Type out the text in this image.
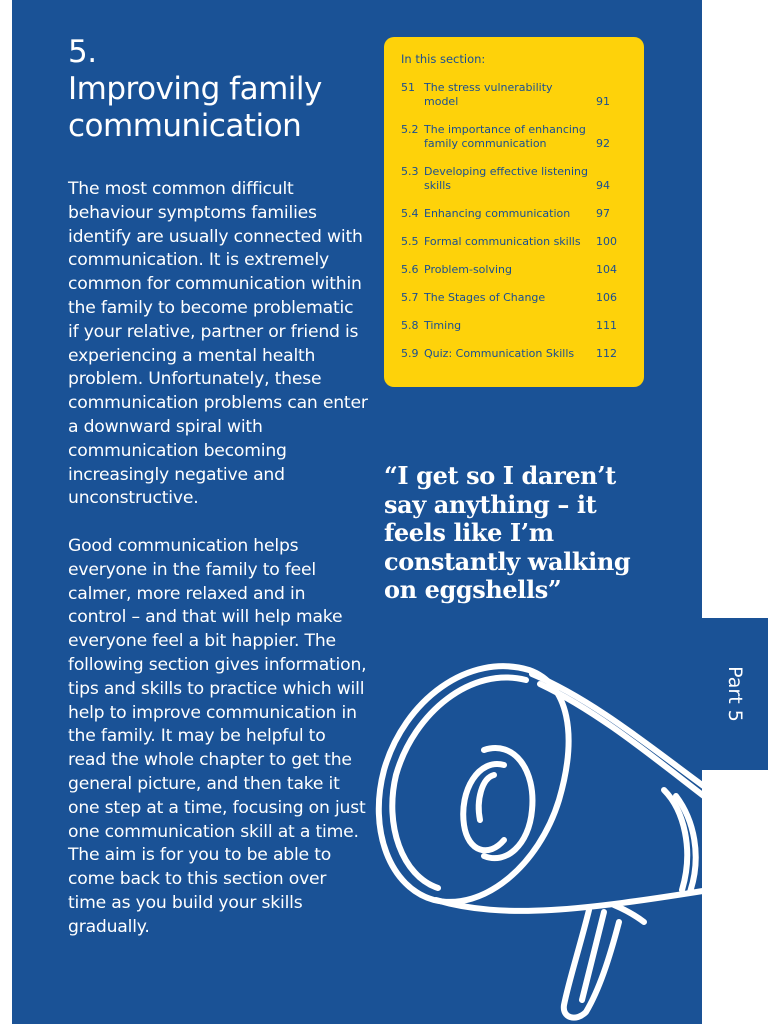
5.
Improving family
communication

The most common difficult behaviour symptoms families identify are usually connected with communication. It is extremely common for communication within the family to become problematic if your relative, partner or friend is experiencing a mental health problem. Unfortunately, these communication problems can enter a downward spiral with communication becoming increasingly negative and unconstructive.

Good communication helps everyone in the family to feel calmer, more relaxed and in control – and that will help make everyone feel a bit happier. The following section gives information, tips and skills to practice which will help to improve communication in the family. It may be helpful to read the whole chapter to get the general picture, and then take it one step at a time, focusing on just one communication skill at a time. The aim is for you to be able to come back to this section over time as you build your skills gradually.

In this section:
51 The stress vulnerability model	91
5.2 The importance of enhancing family communication	92
5.3 Developing effective listening skills	94
5.4 Enhancing communication	97
5.5 Formal communication skills	100
5.6 Problem-solving	104
5.7 The Stages of Change	106
5.8 Timing	111
5.9 Quiz: Communication Skills	112
“I get so I daren’t say anything – it feels like I’m constantly walking on eggshells”
Part 5
